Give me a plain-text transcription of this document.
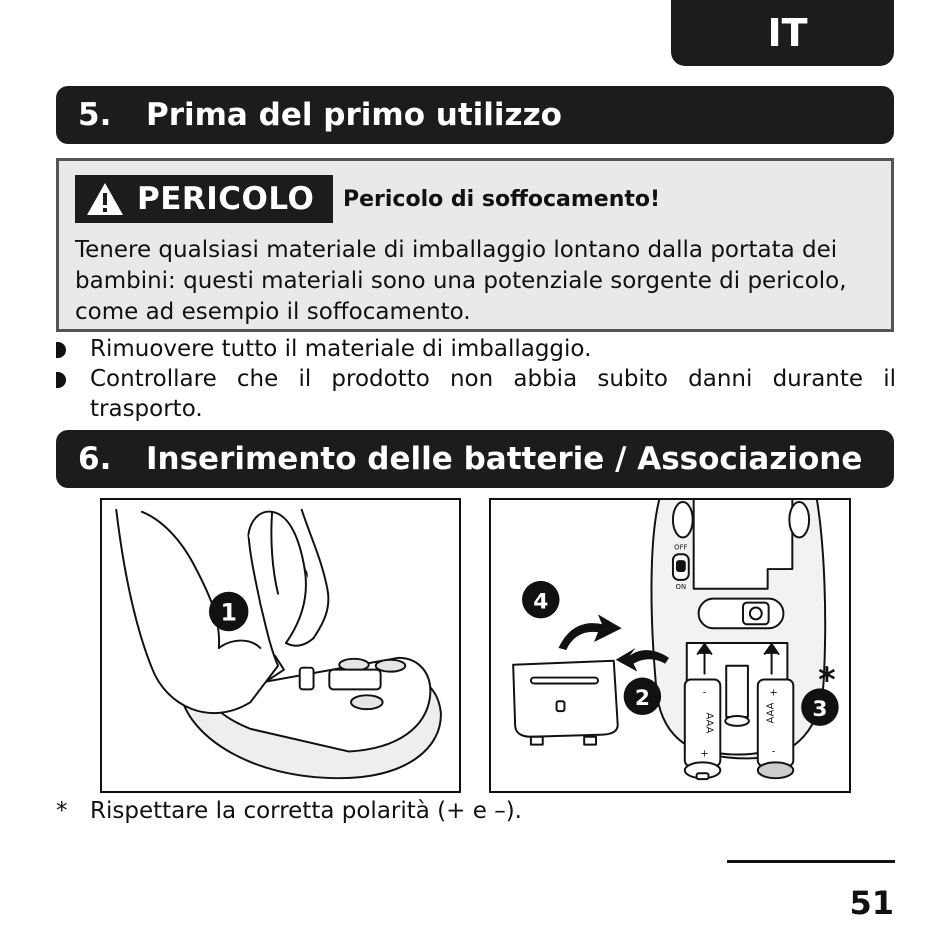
IT
5.	Prima del primo utilizzo
PERICOLO Pericolo di soffocamento!
Tenere qualsiasi materiale di imballaggio lontano dalla portata dei bambini: questi materiali sono una potenziale sorgente di pericolo, come ad esempio il soffocamento.
Rimuovere tutto il materiale di imballaggio.
Controllare che il prodotto non abbia subito danni durante il trasporto.
6.	Inserimento delle batterie / Associazione
1	4
2	3
*
OFF
ON
AAA
-
+
AAA
+
-
* Rispettare la corretta polarità (+ e –).
51
